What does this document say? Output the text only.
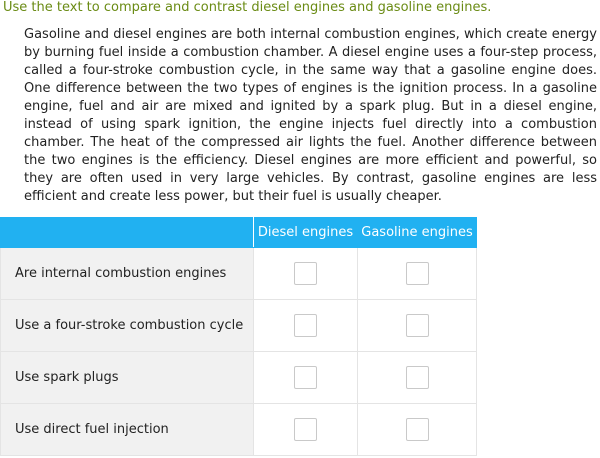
Use the text to compare and contrast diesel engines and gasoline engines.
Gasoline and diesel engines are both internal combustion engines, which create energy by burning fuel inside a combustion chamber. A diesel engine uses a four-step process, called a four-stroke combustion cycle, in the same way that a gasoline engine does. One difference between the two types of engines is the ignition process. In a gasoline engine, fuel and air are mixed and ignited by a spark plug. But in a diesel engine, instead of using spark ignition, the engine injects fuel directly into a combustion chamber. The heat of the compressed air lights the fuel. Another difference between the two engines is the efficiency. Diesel engines are more efficient and powerful, so they are often used in very large vehicles. By contrast, gasoline engines are less efficient and create less power, but their fuel is usually cheaper.
	Diesel engines	Gasoline engines
Are internal combustion engines		
Use a four-stroke combustion cycle		
Use spark plugs		
Use direct fuel injection		
